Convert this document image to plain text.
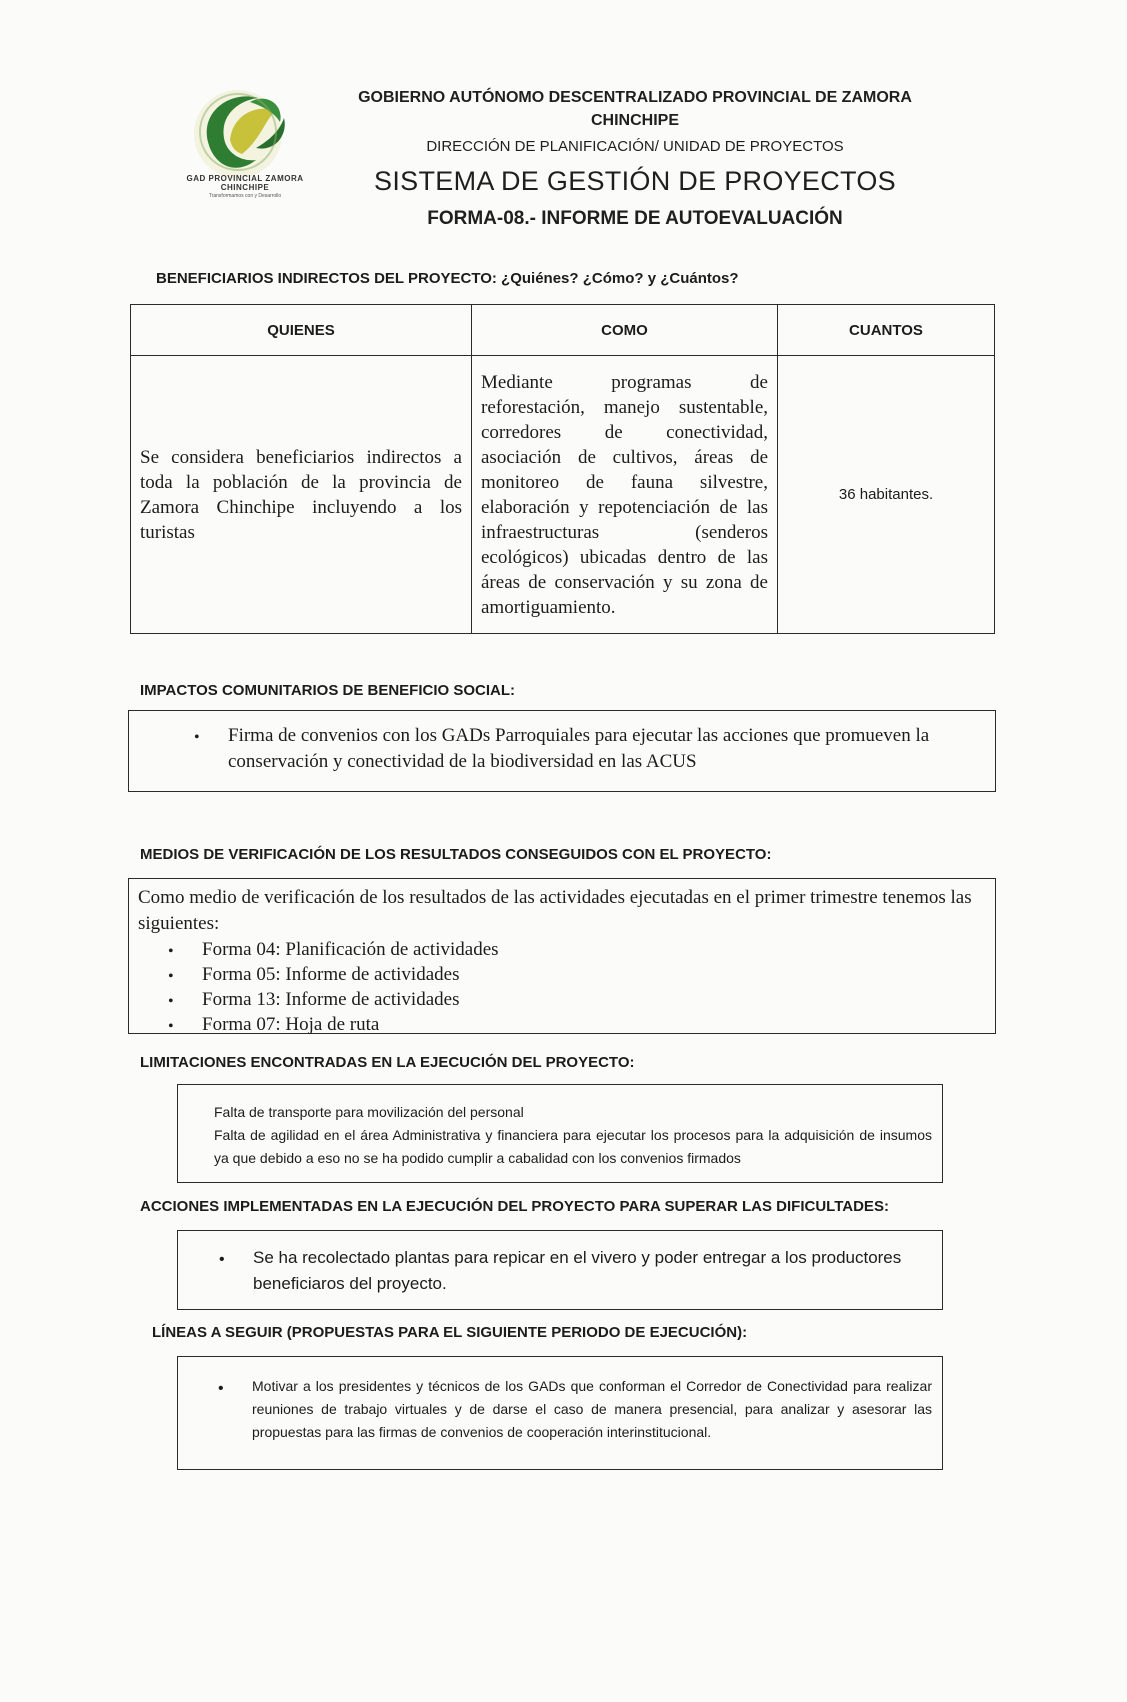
GAD PROVINCIAL ZAMORA CHINCHIPE
Transformamos con y Desarrollo
GOBIERNO AUTÓNOMO DESCENTRALIZADO PROVINCIAL DE ZAMORA CHINCHIPE
DIRECCIÓN DE PLANIFICACIÓN/ UNIDAD DE PROYECTOS
SISTEMA DE GESTIÓN DE PROYECTOS
FORMA-08.- INFORME DE AUTOEVALUACIÓN
BENEFICIARIOS INDIRECTOS DEL PROYECTO: ¿Quiénes? ¿Cómo? y ¿Cuántos?
QUIENES	COMO	CUANTOS
Se considera beneficiarios indirectos a toda la población de la provincia de Zamora Chinchipe incluyendo a los turistas	Mediante programas de reforestación, manejo sustentable, corredores de conectividad, asociación de cultivos, áreas de monitoreo de fauna silvestre, elaboración y repotenciación de las infraestructuras (senderos ecológicos) ubicadas dentro de las áreas de conservación y su zona de amortiguamiento.	36 habitantes.
IMPACTOS COMUNITARIOS DE BENEFICIO SOCIAL:
• Firma de convenios con los GADs Parroquiales para ejecutar las acciones que promueven la conservación y conectividad de la biodiversidad en las ACUS
MEDIOS DE VERIFICACIÓN DE LOS RESULTADOS CONSEGUIDOS CON EL PROYECTO:
Como medio de verificación de los resultados de las actividades ejecutadas en el primer trimestre tenemos las siguientes:
• Forma 04: Planificación de actividades
• Forma 05: Informe de actividades
• Forma 13: Informe de actividades
• Forma 07: Hoja de ruta
LIMITACIONES ENCONTRADAS EN LA EJECUCIÓN DEL PROYECTO:
Falta de transporte para movilización del personal
Falta de agilidad en el área Administrativa y financiera para ejecutar los procesos para la adquisición de insumos ya que debido a eso no se ha podido cumplir a cabalidad con los convenios firmados
ACCIONES IMPLEMENTADAS EN LA EJECUCIÓN DEL PROYECTO PARA SUPERAR LAS DIFICULTADES:
• Se ha recolectado plantas para repicar en el vivero y poder entregar a los productores beneficiaros del proyecto.
LÍNEAS A SEGUIR (PROPUESTAS PARA EL SIGUIENTE PERIODO DE EJECUCIÓN):
• Motivar a los presidentes y técnicos de los GADs que conforman el Corredor de Conectividad para realizar reuniones de trabajo virtuales y de darse el caso de manera presencial, para analizar y asesorar las propuestas para las firmas de convenios de cooperación interinstitucional.
